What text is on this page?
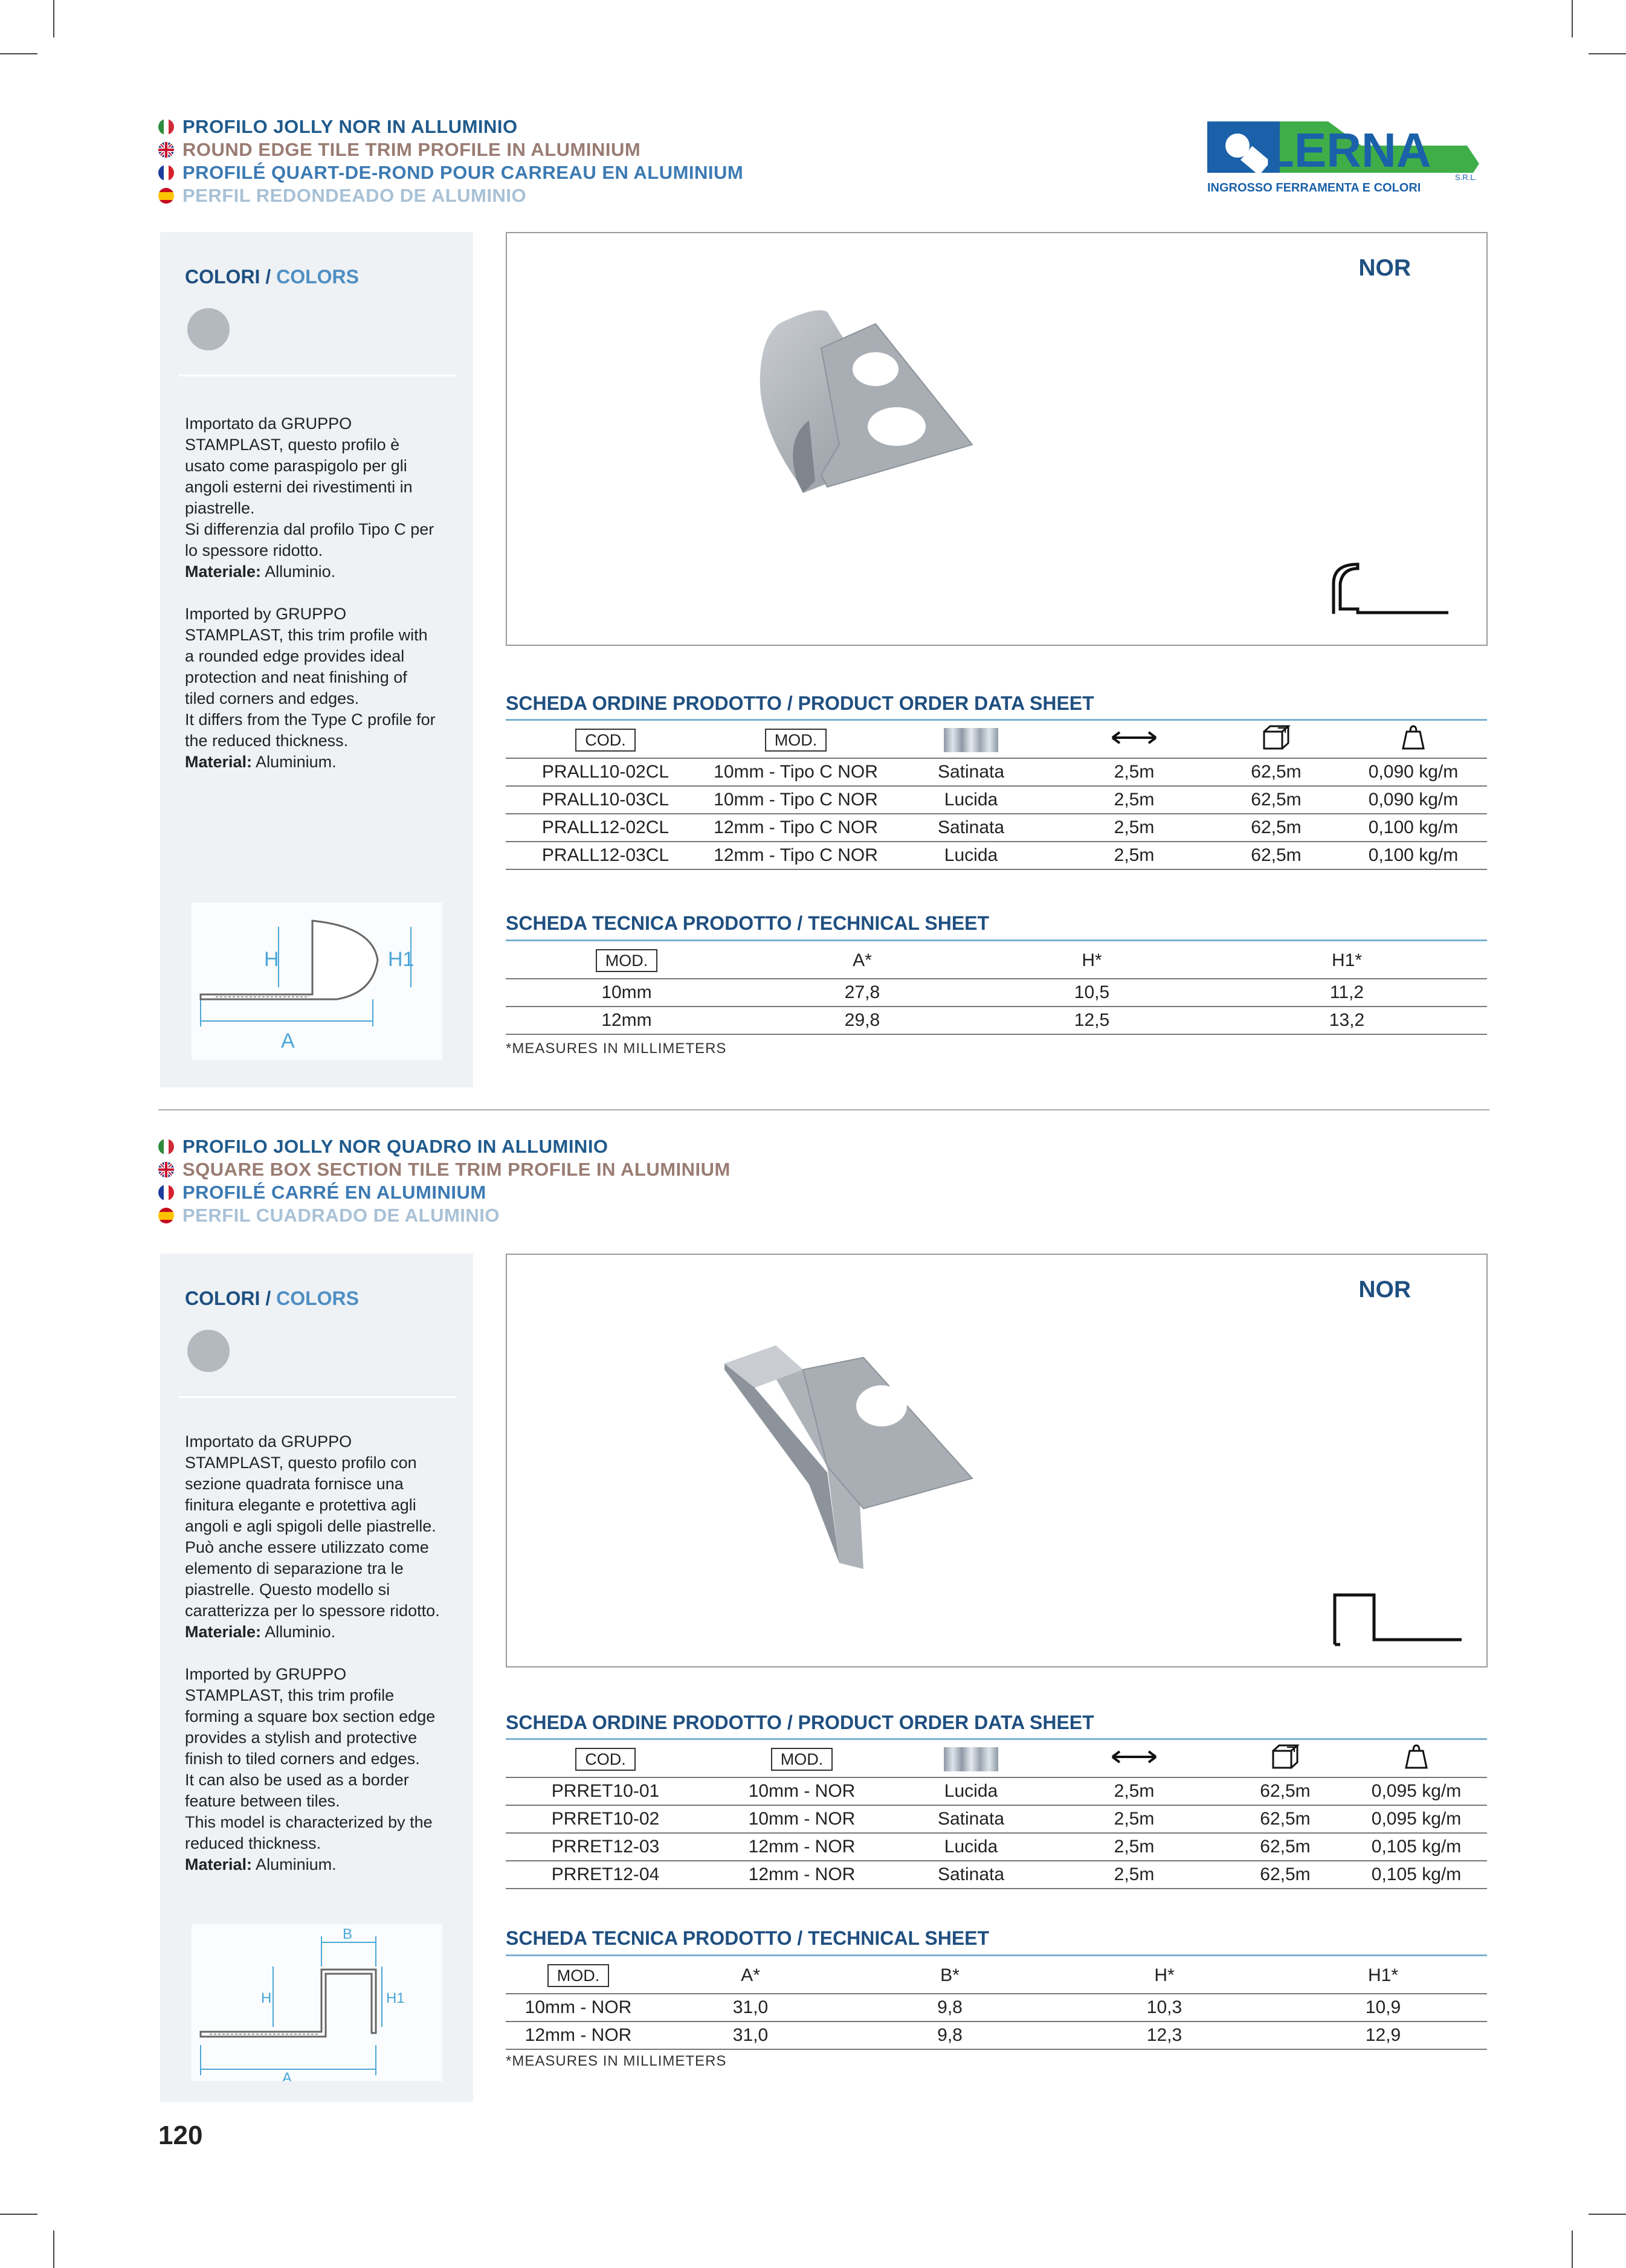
LERNA
S.R.L.
INGROSSO FERRAMENTA E COLORI
PROFILO JOLLY NOR IN ALLUMINIO
ROUND EDGE TILE TRIM PROFILE IN ALUMINIUM
PROFILÉ QUART-DE-ROND POUR CARREAU EN ALUMINIUM
PERFIL REDONDEADO DE ALUMINIO
COLORI / COLORS

Importato da GRUPPO
STAMPLAST, questo profilo è
usato come paraspigolo per gli
angoli esterni dei rivestimenti in
piastrelle.
Si differenzia dal profilo Tipo C per
lo spessore ridotto.
Materiale: Alluminio.

Imported by GRUPPO
STAMPLAST, this trim profile with
a rounded edge provides ideal
protection and neat finishing of
tiled corners and edges.
It differs from the Type C profile for
the reduced thickness.
Material: Aluminium.

H	H1
A
NOR
SCHEDA ORDINE PRODOTTO / PRODUCT ORDER DATA SHEET
COD.	MOD.				
PRALL10-02CL	10mm - Tipo C NOR	Satinata	2,5m	62,5m	0,090 kg/m
PRALL10-03CL	10mm - Tipo C NOR	Lucida	2,5m	62,5m	0,090 kg/m
PRALL12-02CL	12mm - Tipo C NOR	Satinata	2,5m	62,5m	0,100 kg/m
PRALL12-03CL	12mm - Tipo C NOR	Lucida	2,5m	62,5m	0,100 kg/m
SCHEDA TECNICA PRODOTTO / TECHNICAL SHEET
MOD.	A*	H*	H1*
10mm	27,8	10,5	11,2
12mm	29,8	12,5	13,2
*MEASURES IN MILLIMETERS
PROFILO JOLLY NOR QUADRO IN ALLUMINIO
SQUARE BOX SECTION TILE TRIM PROFILE IN ALUMINIUM
PROFILÉ CARRÉ EN ALUMINIUM
PERFIL CUADRADO DE ALUMINIO
COLORI / COLORS

Importato da GRUPPO
STAMPLAST, questo profilo con
sezione quadrata fornisce una
finitura elegante e protettiva agli
angoli e agli spigoli delle piastrelle.
Può anche essere utilizzato come
elemento di separazione tra le
piastrelle. Questo modello si
caratterizza per lo spessore ridotto.
Materiale: Alluminio.

Imported by GRUPPO
STAMPLAST, this trim profile
forming a square box section edge
provides a stylish and protective
finish to tiled corners and edges.
It can also be used as a border
feature between tiles.
This model is characterized by the
reduced thickness.
Material: Aluminium.

B
H	H1
A
NOR
SCHEDA ORDINE PRODOTTO / PRODUCT ORDER DATA SHEET
COD.	MOD.				
PRRET10-01	10mm - NOR	Lucida	2,5m	62,5m	0,095 kg/m
PRRET10-02	10mm - NOR	Satinata	2,5m	62,5m	0,095 kg/m
PRRET12-03	12mm - NOR	Lucida	2,5m	62,5m	0,105 kg/m
PRRET12-04	12mm - NOR	Satinata	2,5m	62,5m	0,105 kg/m
SCHEDA TECNICA PRODOTTO / TECHNICAL SHEET
MOD.	A*	B*	H*	H1*
10mm - NOR	31,0	9,8	10,3	10,9
12mm - NOR	31,0	9,8	12,3	12,9
*MEASURES IN MILLIMETERS
120
